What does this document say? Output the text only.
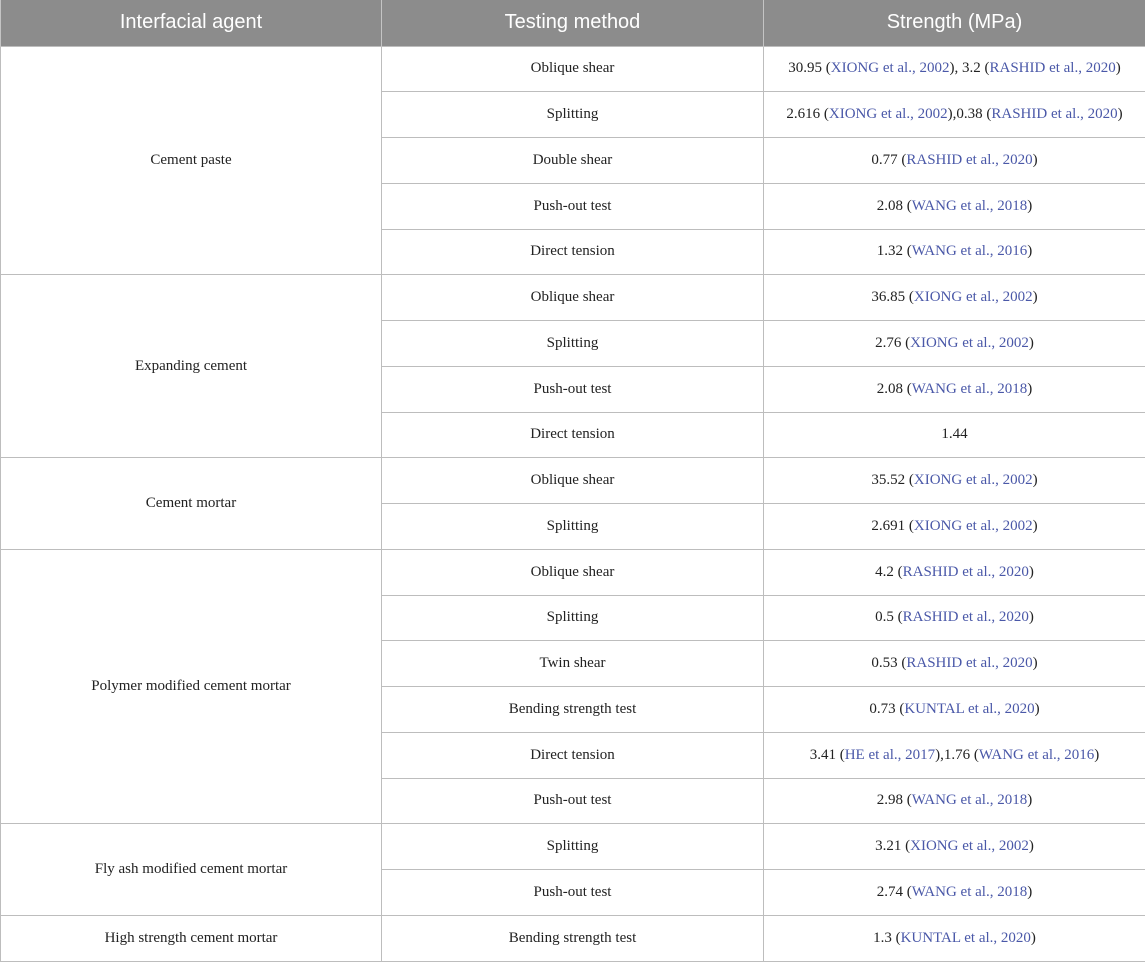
Interfacial agent	Testing method	Strength (MPa)
Cement paste	Oblique shear	30.95 (XIONG et al., 2002), 3.2 (RASHID et al., 2020)
	Splitting	2.616 (XIONG et al., 2002),0.38 (RASHID et al., 2020)
	Double shear	0.77 (RASHID et al., 2020)
	Push-out test	2.08 (WANG et al., 2018)
	Direct tension	1.32 (WANG et al., 2016)
Expanding cement	Oblique shear	36.85 (XIONG et al., 2002)
	Splitting	2.76 (XIONG et al., 2002)
	Push-out test	2.08 (WANG et al., 2018)
	Direct tension	1.44
Cement mortar	Oblique shear	35.52 (XIONG et al., 2002)
	Splitting	2.691 (XIONG et al., 2002)
Polymer modified cement mortar	Oblique shear	4.2 (RASHID et al., 2020)
	Splitting	0.5 (RASHID et al., 2020)
	Twin shear	0.53 (RASHID et al., 2020)
	Bending strength test	0.73 (KUNTAL et al., 2020)
	Direct tension	3.41 (HE et al., 2017),1.76 (WANG et al., 2016)
	Push-out test	2.98 (WANG et al., 2018)
Fly ash modified cement mortar	Splitting	3.21 (XIONG et al., 2002)
	Push-out test	2.74 (WANG et al., 2018)
High strength cement mortar	Bending strength test	1.3 (KUNTAL et al., 2020)
